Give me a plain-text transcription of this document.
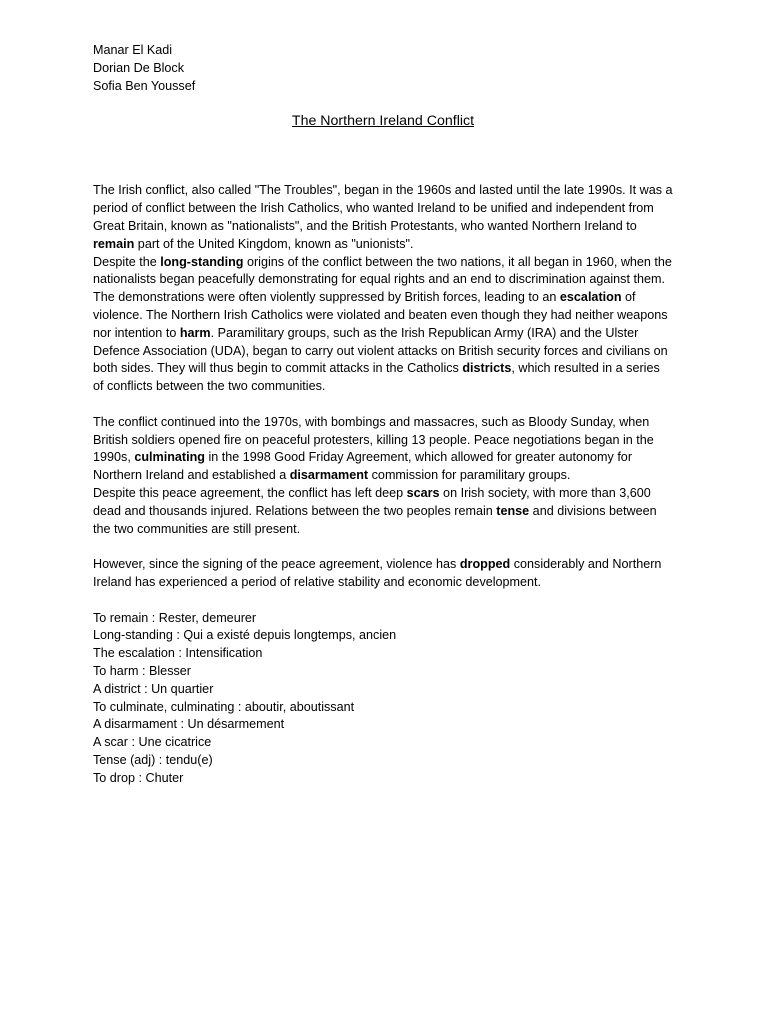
Manar El Kadi
Dorian De Block
Sofia Ben Youssef
The Northern Ireland Conflict

The Irish conflict, also called "The Troubles", began in the 1960s and lasted until the late 1990s. It was a period of conflict between the Irish Catholics, who wanted Ireland to be unified and independent from Great Britain, known as "nationalists", and the British Protestants, who wanted Northern Ireland to remain part of the United Kingdom, known as "unionists".

Despite the long-standing origins of the conflict between the two nations, it all began in 1960, when the nationalists began peacefully demonstrating for equal rights and an end to discrimination against them. The demonstrations were often violently suppressed by British forces, leading to an escalation of violence. The Northern Irish Catholics were violated and beaten even though they had neither weapons nor intention to harm. Paramilitary groups, such as the Irish Republican Army (IRA) and the Ulster Defence Association (UDA), began to carry out violent attacks on British security forces and civilians on both sides. They will thus begin to commit attacks in the Catholics districts, which resulted in a series of conflicts between the two communities.

The conflict continued into the 1970s, with bombings and massacres, such as Bloody Sunday, when British soldiers opened fire on peaceful protesters, killing 13 people. Peace negotiations began in the 1990s, culminating in the 1998 Good Friday Agreement, which allowed for greater autonomy for Northern Ireland and established a disarmament commission for paramilitary groups.

Despite this peace agreement, the conflict has left deep scars on Irish society, with more than 3,600 dead and thousands injured. Relations between the two peoples remain tense and divisions between the two communities are still present.

However, since the signing of the peace agreement, violence has dropped considerably and Northern Ireland has experienced a period of relative stability and economic development.

To remain : Rester, demeurer
Long-standing : Qui a existé depuis longtemps, ancien
The escalation : Intensification
To harm : Blesser
A district : Un quartier
To culminate, culminating : aboutir, aboutissant
A disarmament : Un désarmement
A scar : Une cicatrice
Tense (adj) : tendu(e)
To drop : Chuter
